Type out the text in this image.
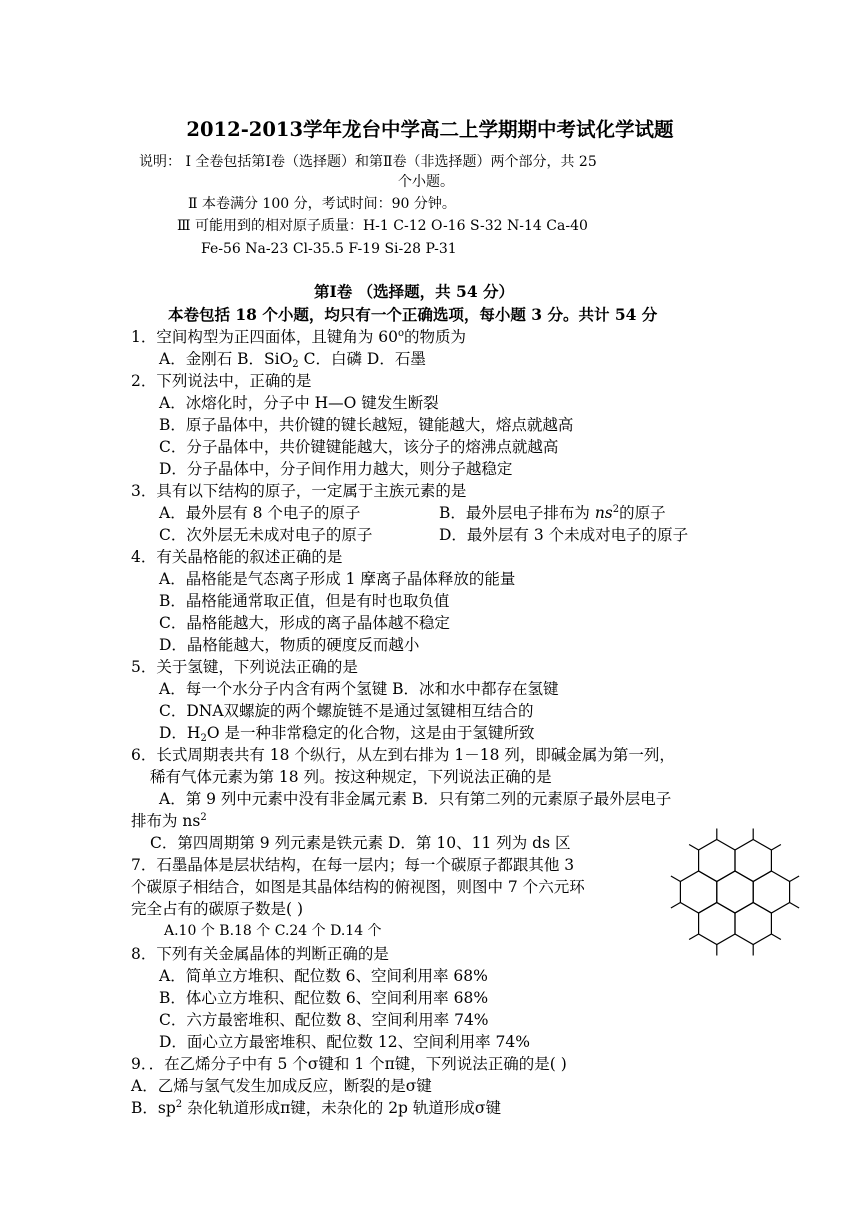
2012-2013学年龙台中学高二上学期期中考试化学试题
说明： Ⅰ 全卷包括第Ⅰ卷（选择题）和第Ⅱ卷（非选择题）两个部分，共 25
个小题。
Ⅱ 本卷满分 100 分，考试时间：90 分钟。
Ⅲ 可能用到的相对原子质量：H-1 C-12 O-16 S-32 N-14 Ca-40
Fe-56 Na-23 Cl-35.5 F-19 Si-28 P-31
第Ⅰ卷 （选择题，共 54 分）
本卷包括 18 个小题，均只有一个正确选项，每小题 3 分。共计 54 分
1．空间构型为正四面体，且键角为 60$^o$的物质为
A．金刚石 B．SiO$_2$ C．白磷 D．石墨
2．下列说法中，正确的是
A．冰熔化时，分子中 H—O 键发生断裂
B．原子晶体中，共价键的键长越短，键能越大，熔点就越高
C．分子晶体中，共价键键能越大，该分子的熔沸点就越高
D．分子晶体中，分子间作用力越大，则分子越稳定
3．具有以下结构的原子，一定属于主族元素的是
A．最外层有 8 个电子的原子	B．最外层电子排布为 $ns^2$的原子
C．次外层无未成对电子的原子	D．最外层有 3 个未成对电子的原子
4．有关晶格能的叙述正确的是
A．晶格能是气态离子形成 1 摩离子晶体释放的能量
B．晶格能通常取正值，但是有时也取负值
C．晶格能越大，形成的离子晶体越不稳定
D．晶格能越大，物质的硬度反而越小
5．关于氢键，下列说法正确的是
A．每一个水分子内含有两个氢键 B．冰和水中都存在氢键
C．DNA双螺旋的两个螺旋链不是通过氢键相互结合的
D．$H_2O$ 是一种非常稳定的化合物，这是由于氢键所致
6．长式周期表共有 18 个纵行，从左到右排为 1－18 列，即碱金属为第一列，
稀有气体元素为第 18 列。按这种规定，下列说法正确的是
A．第 9 列中元素中没有非金属元素 B．只有第二列的元素原子最外层电子
排布为 $ns^2$
C．第四周期第 9 列元素是铁元素 D．第 10、11 列为 ds 区
7．石墨晶体是层状结构，在每一层内；每一个碳原子都跟其他 3
个碳原子相结合，如图是其晶体结构的俯视图，则图中 7 个六元环
完全占有的碳原子数是( )
A.10 个 B.18 个 C.24 个 D.14 个
8．下列有关金属晶体的判断正确的是
A．简单立方堆积、配位数 6、空间利用率 68%
B．体心立方堆积、配位数 6、空间利用率 68%
C．六方最密堆积、配位数 8、空间利用率 74%
D．面心立方最密堆积、配位数 12、空间利用率 74%
9．．在乙烯分子中有 5 个σ键和 1 个π键，下列说法正确的是( )
A．乙烯与氢气发生加成反应，断裂的是σ键
B．$sp^2$ 杂化轨道形成π键，未杂化的 2p 轨道形成σ键
